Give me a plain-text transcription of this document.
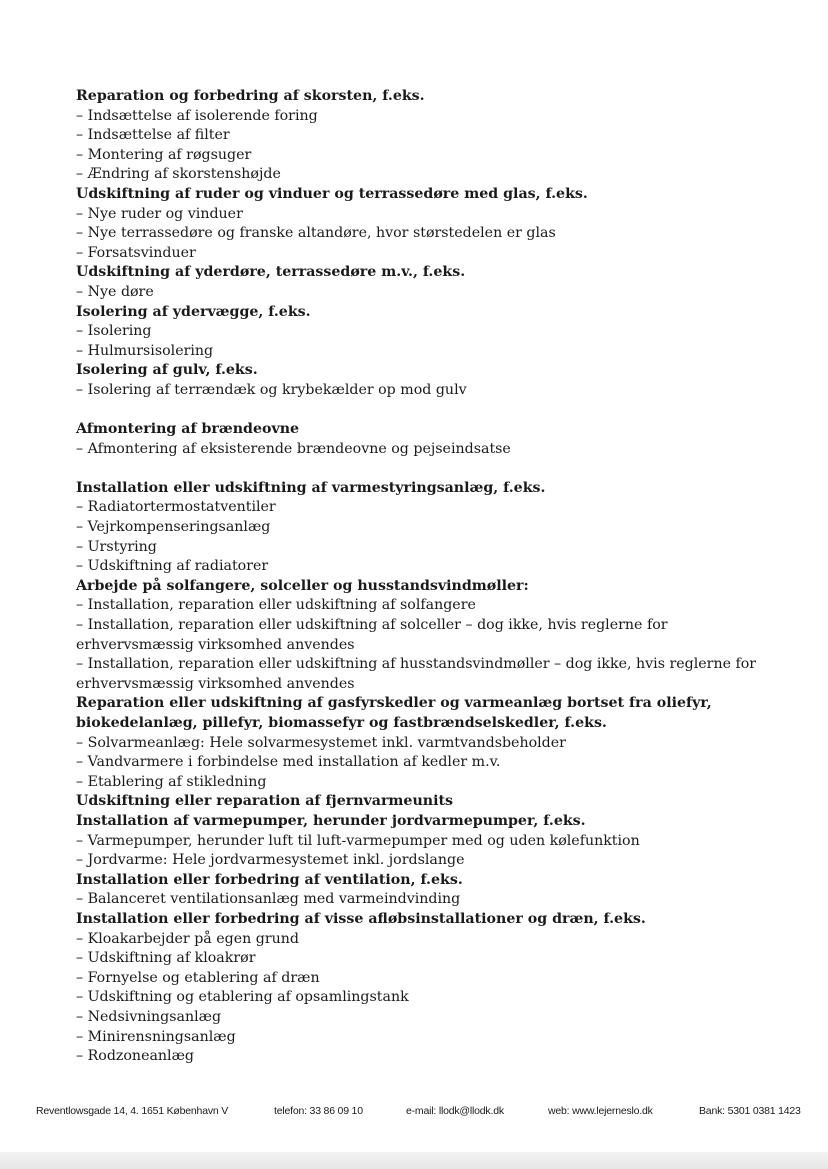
Reparation og forbedring af skorsten, f.eks.
– Indsættelse af isolerende foring
– Indsættelse af filter
– Montering af røgsuger
– Ændring af skorstenshøjde
Udskiftning af ruder og vinduer og terrassedøre med glas, f.eks.
– Nye ruder og vinduer
– Nye terrassedøre og franske altandøre, hvor størstedelen er glas
– Forsatsvinduer
Udskiftning af yderdøre, terrassedøre m.v., f.eks.
– Nye døre
Isolering af ydervægge, f.eks.
– Isolering
– Hulmursisolering
Isolering af gulv, f.eks.
– Isolering af terrændæk og krybekælder op mod gulv
Afmontering af brændeovne
– Afmontering af eksisterende brændeovne og pejseindsatse
Installation eller udskiftning af varmestyringsanlæg, f.eks.
– Radiatortermostatventiler
– Vejrkompenseringsanlæg
– Urstyring
– Udskiftning af radiatorer
Arbejde på solfangere, solceller og husstandsvindmøller:
– Installation, reparation eller udskiftning af solfangere
– Installation, reparation eller udskiftning af solceller – dog ikke, hvis reglerne for erhvervsmæssig virksomhed anvendes
– Installation, reparation eller udskiftning af husstandsvindmøller – dog ikke, hvis reglerne for erhvervsmæssig virksomhed anvendes
Reparation eller udskiftning af gasfyrskedler og varmeanlæg bortset fra oliefyr, biokedelanlæg, pillefyr, biomassefyr og fastbrændselskedler, f.eks.
– Solvarmeanlæg: Hele solvarmesystemet inkl. varmtvandsbeholder
– Vandvarmere i forbindelse med installation af kedler m.v.
– Etablering af stikledning
Udskiftning eller reparation af fjernvarmeunits
Installation af varmepumper, herunder jordvarmepumper, f.eks.
– Varmepumper, herunder luft til luft-varmepumper med og uden kølefunktion
– Jordvarme: Hele jordvarmesystemet inkl. jordslange
Installation eller forbedring af ventilation, f.eks.
– Balanceret ventilationsanlæg med varmeindvinding
Installation eller forbedring af visse afløbsinstallationer og dræn, f.eks.
– Kloakarbejder på egen grund
– Udskiftning af kloakrør
– Fornyelse og etablering af dræn
– Udskiftning og etablering af opsamlingstank
– Nedsivningsanlæg
– Minirensningsanlæg
– Rodzoneanlæg
Reventlowsgade 14, 4. 1651 København V	telefon: 33 86 09 10	e-mail: llodk@llodk.dk	web: www.lejerneslo.dk	Bank: 5301 0381 1423
